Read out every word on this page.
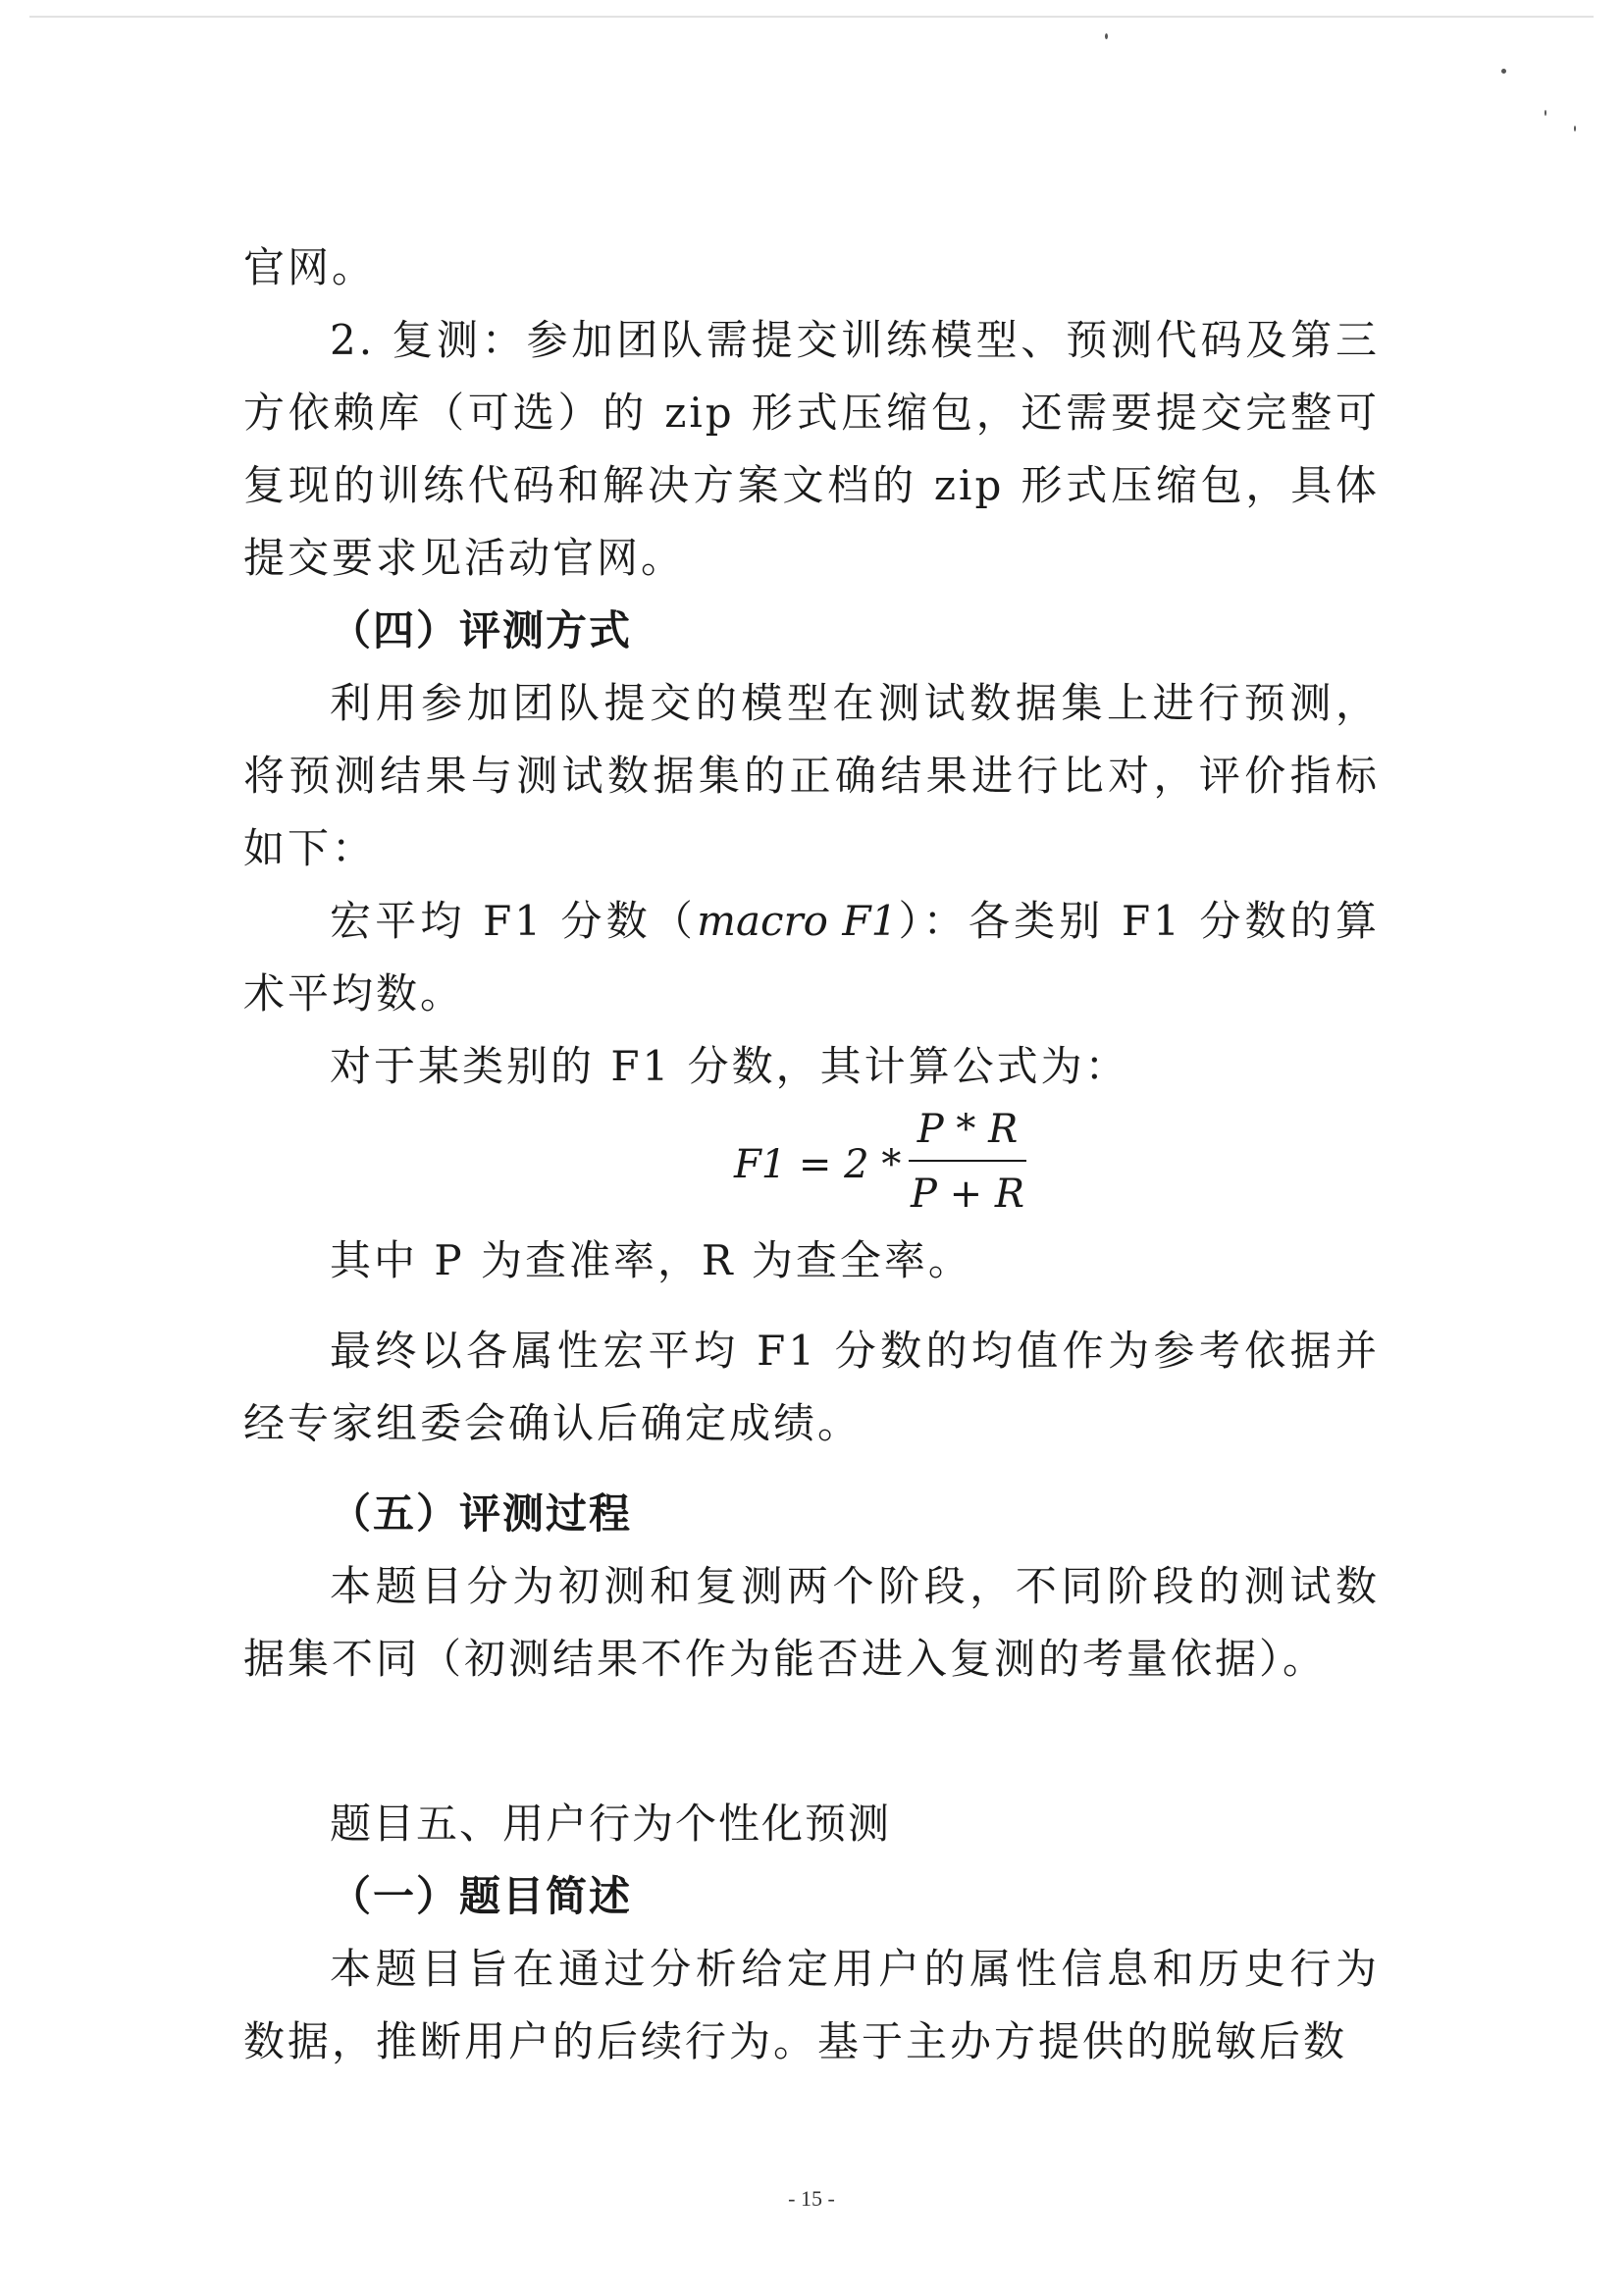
官网。

2. 复测：参加团队需提交训练模型、预测代码及第三方依赖库（可选）的 zip 形式压缩包，还需要提交完整可复现的训练代码和解决方案文档的 zip 形式压缩包，具体提交要求见活动官网。

（四）评测方式

利用参加团队提交的模型在测试数据集上进行预测，将预测结果与测试数据集的正确结果进行比对，评价指标如下：

宏平均 F1 分数（macro F1）：各类别 F1 分数的算术平均数。

对于某类别的 F1 分数，其计算公式为：

F1 = 2 *
P * R
P + R

其中 P 为查准率，R 为查全率。

最终以各属性宏平均 F1 分数的均值作为参考依据并经专家组委会确认后确定成绩。

（五）评测过程

本题目分为初测和复测两个阶段，不同阶段的测试数据集不同（初测结果不作为能否进入复测的考量依据）。

题目五、用户行为个性化预测

（一）题目简述

本题目旨在通过分析给定用户的属性信息和历史行为数据，推断用户的后续行为。基于主办方提供的脱敏后数

- 15 -
